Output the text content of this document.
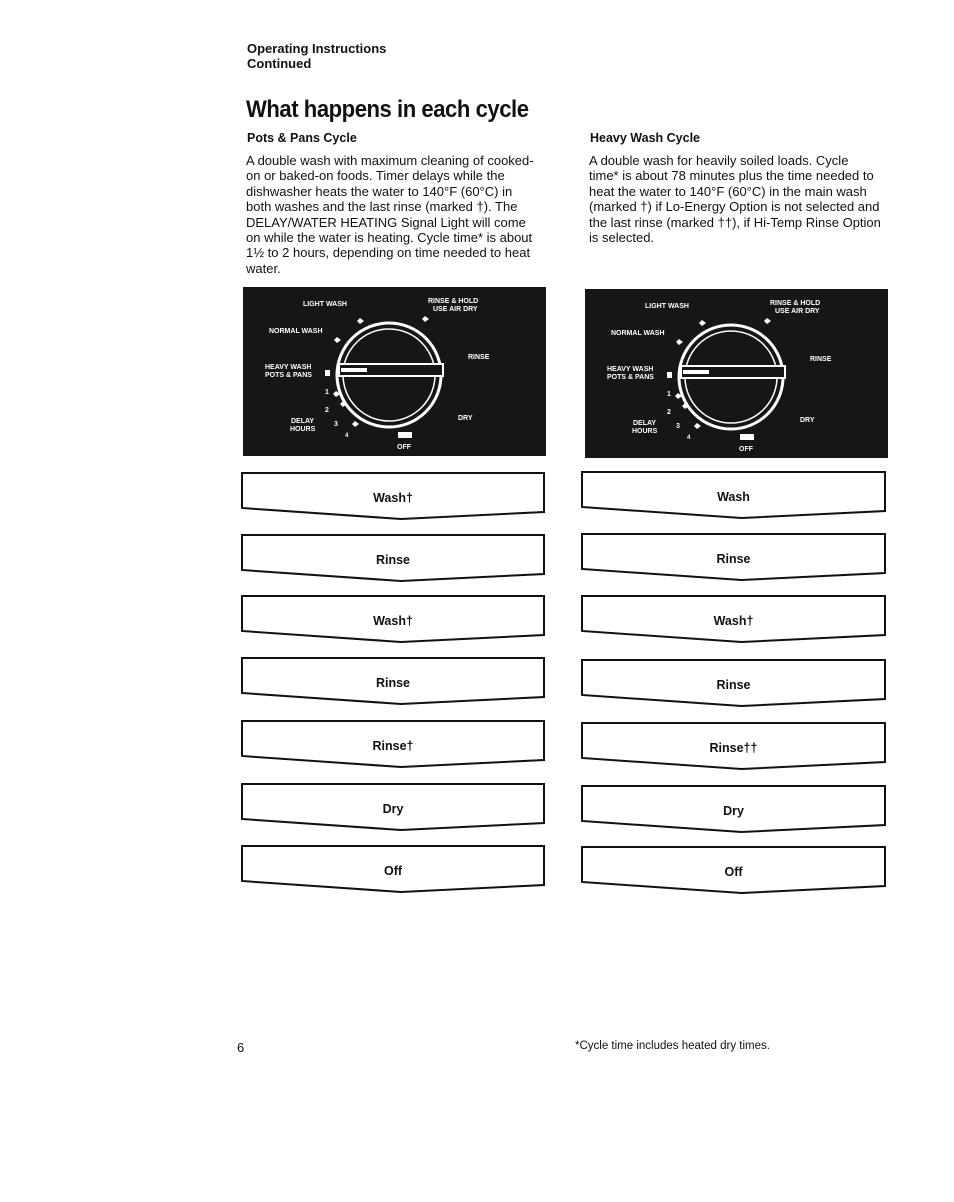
Operating Instructions
Continued
What happens in each cycle
Pots & Pans Cycle
A double wash with maximum cleaning of cooked-
on or baked-on foods. Timer delays while the
dishwasher heats the water to 140°F (60°C) in
both washes and the last rinse (marked †). The
DELAY/WATER HEATING Signal Light will come
on while the water is heating. Cycle time* is about
1½ to 2 hours, depending on time needed to heat
water.
Heavy Wash Cycle
A double wash for heavily soiled loads. Cycle
time* is about 78 minutes plus the time needed to
heat the water to 140°F (60°C) in the main wash
(marked †) if Lo-Energy Option is not selected and
the last rinse (marked ††), if Hi-Temp Rinse Option
is selected.
LIGHT WASH	RINSE & HOLD
USE AIR DRY
NORMAL WASH
HEAVY WASH
POTS & PANS
RINSE
DRY
1
2
3
4
DELAY
HOURS
OFF
LIGHT WASH	RINSE & HOLD
USE AIR DRY
NORMAL WASH
HEAVY WASH
POTS & PANS
RINSE
DRY
1
2
3
4
DELAY
HOURS
OFF
Wash†
Rinse
Wash†
Rinse
Rinse†
Dry
Off
Wash
Rinse
Wash†
Rinse
Rinse††
Dry
Off
6	*Cycle time includes heated dry times.
